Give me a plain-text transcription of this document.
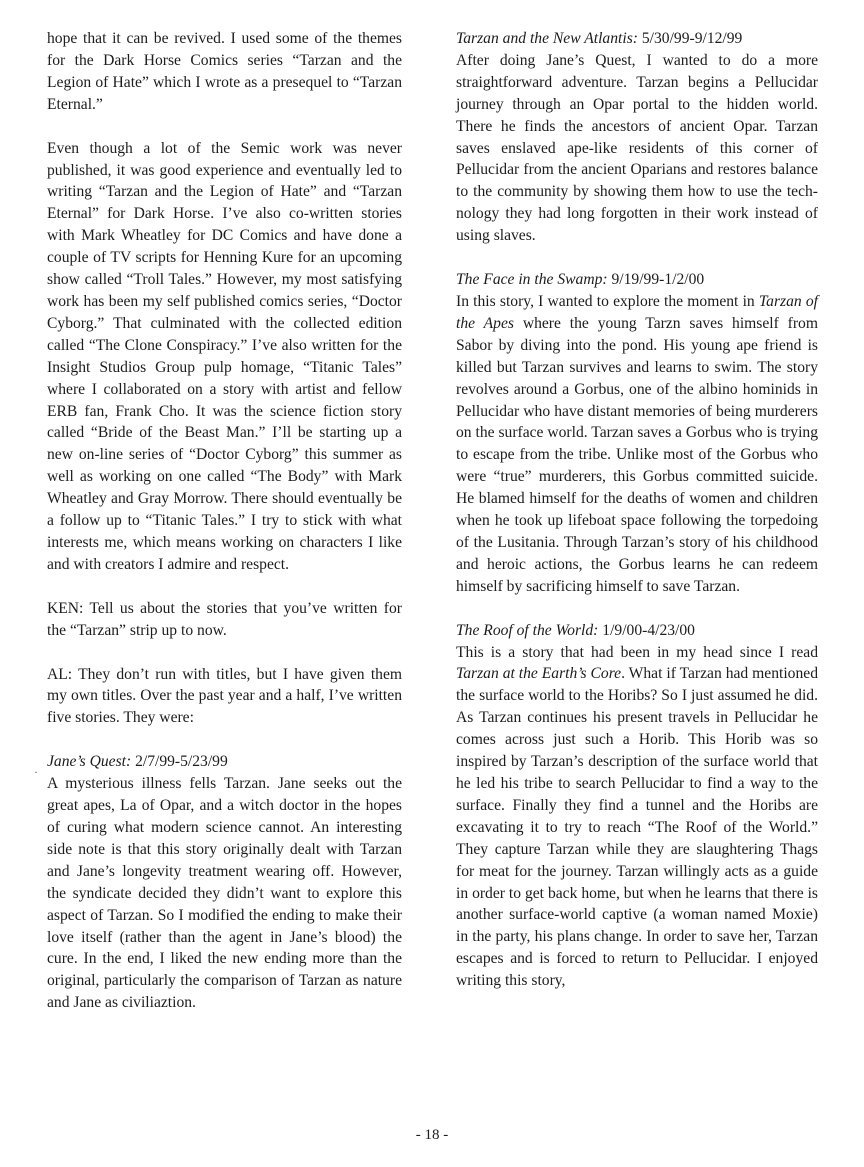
hope that it can be revived. I used some of the themes for the Dark Horse Comics series “Tarzan and the Legion of Hate” which I wrote as a presequel to “Tarzan Eternal.”

Even though a lot of the Semic work was never published, it was good experience and eventually led to writing “Tarzan and the Legion of Hate” and “Tarzan Eternal” for Dark Horse. I’ve also co-written stories with Mark Wheatley for DC Comics and have done a couple of TV scripts for Henning Kure for an upcoming show called “Troll Tales.” However, my most satisfying work has been my self published comics series, “Doctor Cyborg.” That culminated with the collected edition called “The Clone Conspiracy.” I’ve also written for the Insight Studios Group pulp homage, “Titanic Tales” where I collaborated on a story with artist and fellow ERB fan, Frank Cho. It was the science fiction story called “Bride of the Beast Man.” I’ll be starting up a new on-line series of “Doctor Cyborg” this summer as well as working on one called “The Body” with Mark Wheatley and Gray Morrow. There should eventually be a follow up to “Titanic Tales.” I try to stick with what interests me, which means working on characters I like and with creators I admire and respect.

KEN: Tell us about the stories that you’ve written for the “Tarzan” strip up to now.

AL: They don’t run with titles, but I have given them my own titles. Over the past year and a half, I’ve written five stories. They were:

Jane’s Quest: 2/7/99-5/23/99

A mysterious illness fells Tarzan. Jane seeks out the great apes, La of Opar, and a witch doctor in the hopes of curing what modern science cannot. An interesting side note is that this story originally dealt with Tarzan and Jane’s longevity treatment wearing off. However, the syndicate decided they didn’t want to explore this aspect of Tarzan. So I modified the ending to make their love itself (rather than the agent in Jane’s blood) the cure. In the end, I liked the new ending more than the original, particularly the comparison of Tarzan as nature and Jane as civiliaztion.

·
Tarzan and the New Atlantis: 5/30/99-9/12/99

After doing Jane’s Quest, I wanted to do a more straightforward adventure. Tarzan begins a Pellucidar journey through an Opar portal to the hidden world. There he finds the ancestors of ancient Opar. Tarzan saves enslaved ape-like residents of this corner of Pellucidar from the ancient Oparians and restores balance to the community by showing them how to use the technology they had long forgotten in their work instead of using slaves.

The Face in the Swamp: 9/19/99-1/2/00

In this story, I wanted to explore the moment in Tarzan of the Apes where the young Tarzn saves himself from Sabor by diving into the pond. His young ape friend is killed but Tarzan survives and learns to swim. The story revolves around a Gorbus, one of the albino hominids in Pellucidar who have distant memories of being murderers on the surface world. Tarzan saves a Gorbus who is trying to escape from the tribe. Unlike most of the Gorbus who were “true” murderers, this Gorbus committed suicide. He blamed himself for the deaths of women and children when he took up lifeboat space following the torpedoing of the Lusitania. Through Tarzan’s story of his childhood and heroic actions, the Gorbus learns he can redeem himself by sacrificing himself to save Tarzan.

The Roof of the World: 1/9/00-4/23/00

This is a story that had been in my head since I read Tarzan at the Earth’s Core. What if Tarzan had mentioned the surface world to the Horibs? So I just assumed he did. As Tarzan continues his present travels in Pellucidar he comes across just such a Horib. This Horib was so inspired by Tarzan’s description of the surface world that he led his tribe to search Pellucidar to find a way to the surface. Finally they find a tunnel and the Horibs are excavating it to try to reach “The Roof of the World.” They capture Tarzan while they are slaughtering Thags for meat for the journey. Tarzan willingly acts as a guide in order to get back home, but when he learns that there is another surface-world captive (a woman named Moxie) in the party, his plans change. In order to save her, Tarzan escapes and is forced to return to Pellucidar. I enjoyed writing this story,

- 18 -
